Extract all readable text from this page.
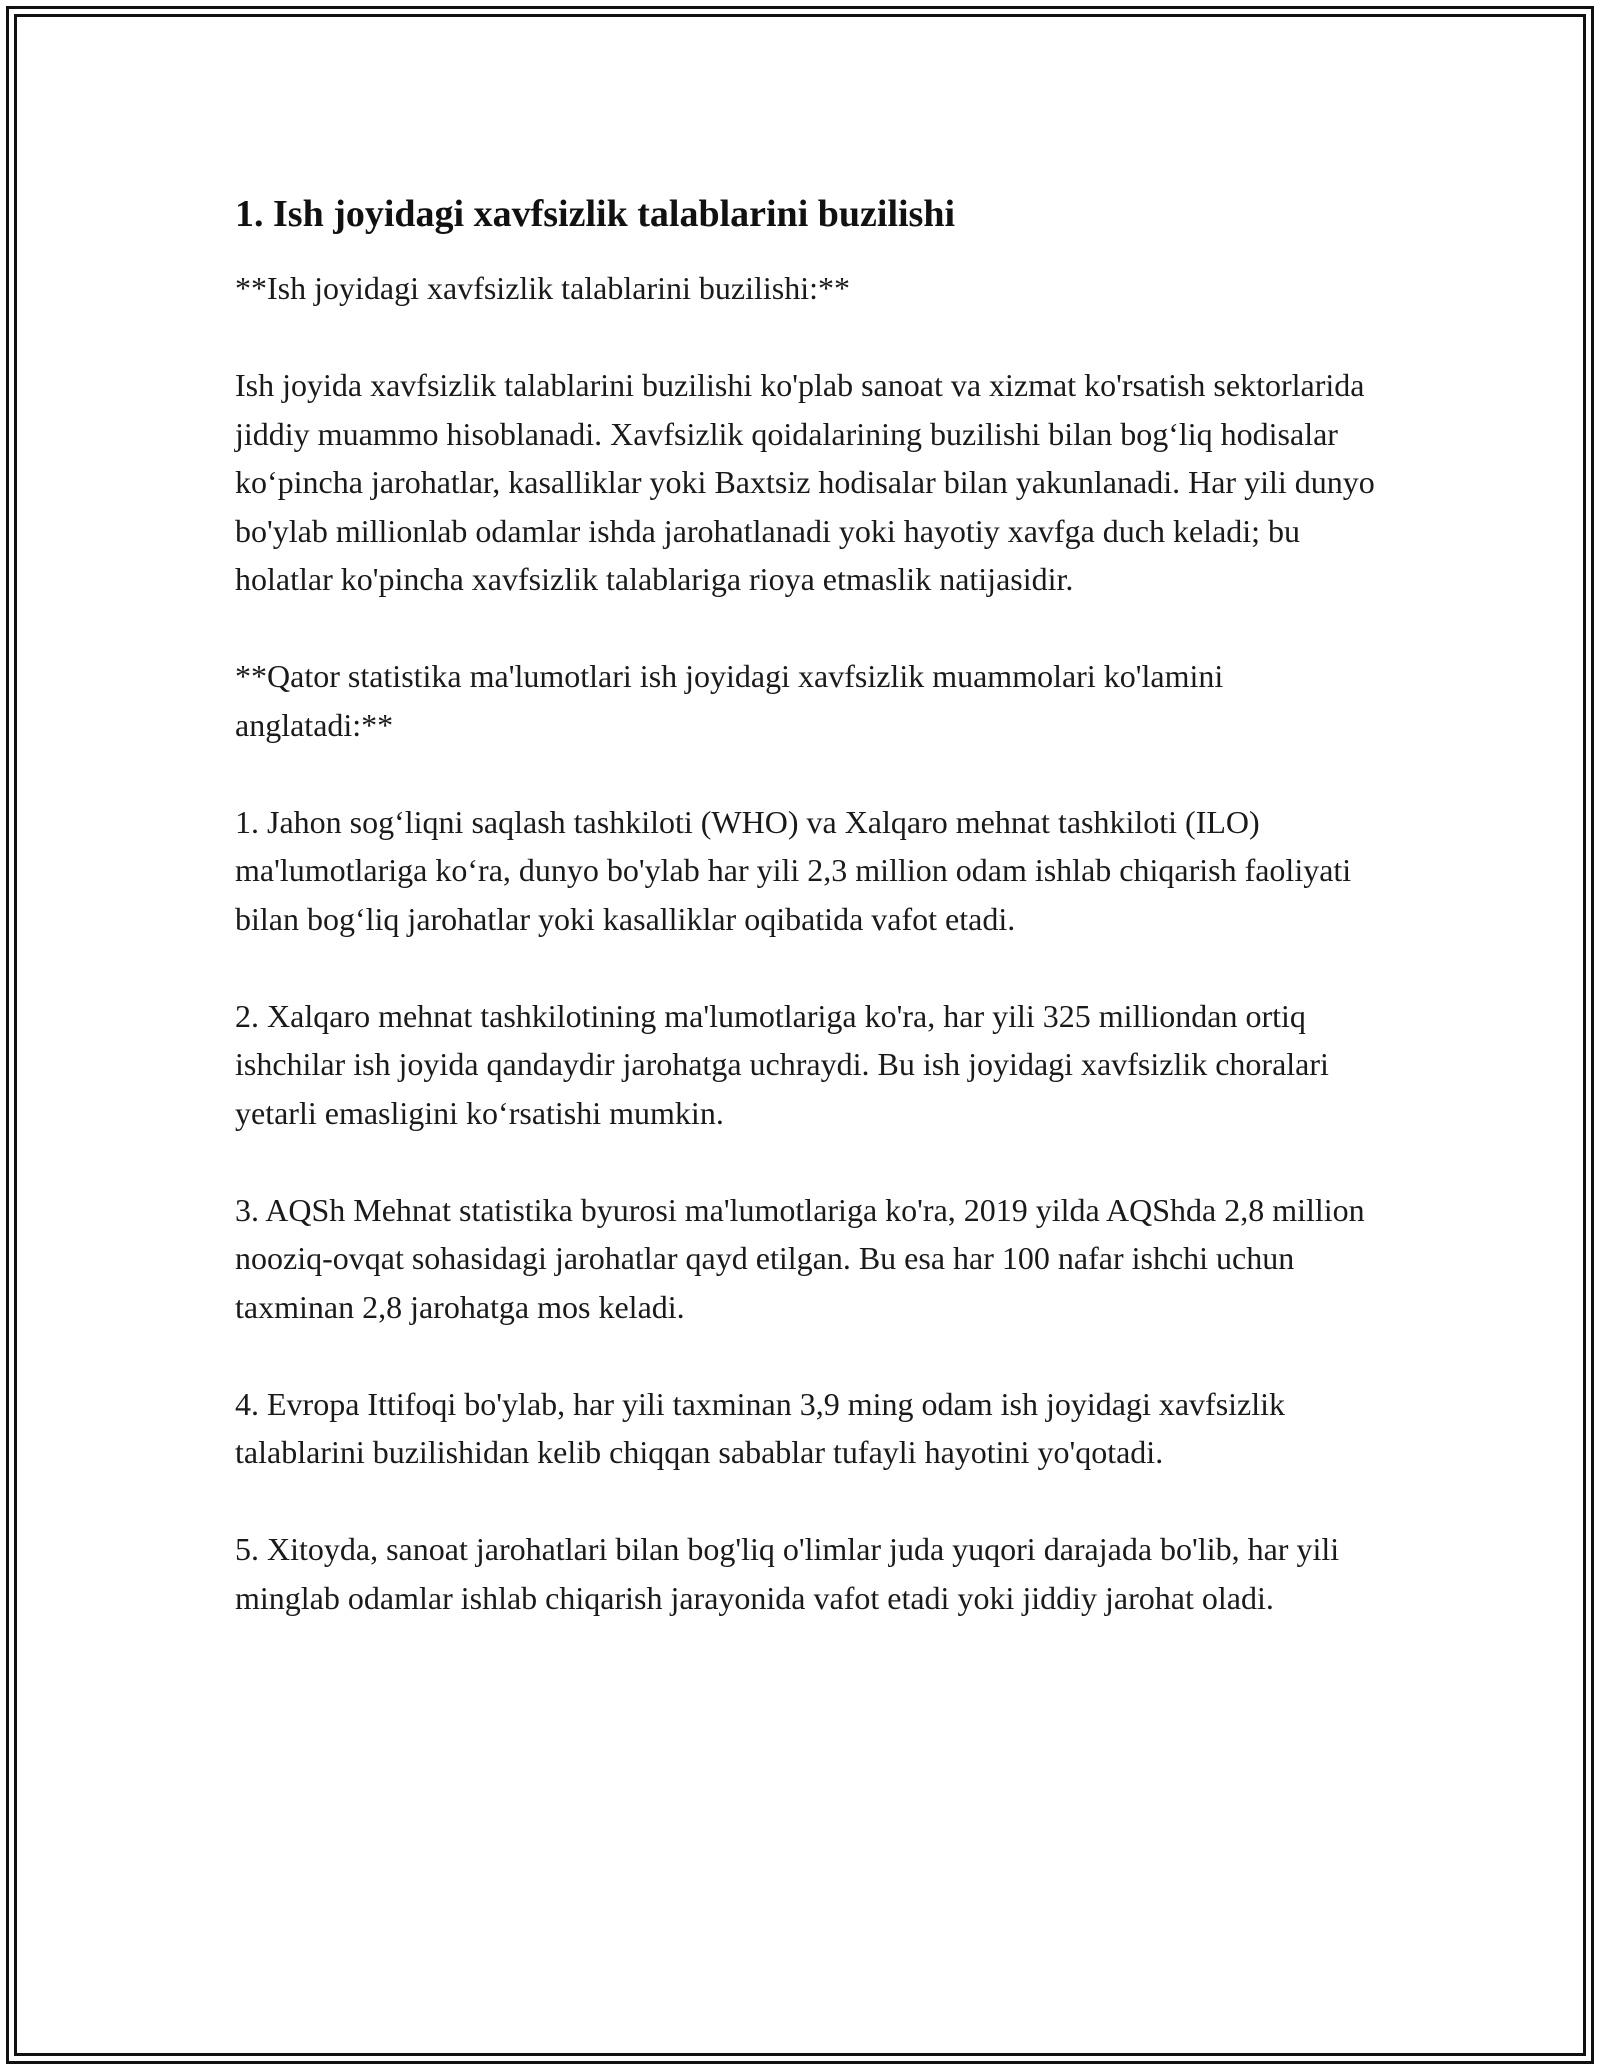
1. Ish joyidagi xavfsizlik talablarini buzilishi

**Ish joyidagi xavfsizlik talablarini buzilishi:**

Ish joyida xavfsizlik talablarini buzilishi ko'plab sanoat va xizmat ko'rsatish sektorlarida jiddiy muammo hisoblanadi. Xavfsizlik qoidalarining buzilishi bilan bog‘liq hodisalar ko‘pincha jarohatlar, kasalliklar yoki Baxtsiz hodisalar bilan yakunlanadi. Har yili dunyo bo'ylab millionlab odamlar ishda jarohatlanadi yoki hayotiy xavfga duch keladi; bu holatlar ko'pincha xavfsizlik talablariga rioya etmaslik natijasidir.

**Qator statistika ma'lumotlari ish joyidagi xavfsizlik muammolari ko'lamini anglatadi:**

1. Jahon sog‘liqni saqlash tashkiloti (WHO) va Xalqaro mehnat tashkiloti (ILO) ma'lumotlariga ko‘ra, dunyo bo'ylab har yili 2,3 million odam ishlab chiqarish faoliyati bilan bog‘liq jarohatlar yoki kasalliklar oqibatida vafot etadi.

2. Xalqaro mehnat tashkilotining ma'lumotlariga ko'ra, har yili 325 milliondan ortiq ishchilar ish joyida qandaydir jarohatga uchraydi. Bu ish joyidagi xavfsizlik choralari yetarli emasligini ko‘rsatishi mumkin.

3. AQSh Mehnat statistika byurosi ma'lumotlariga ko'ra, 2019 yilda AQShda 2,8 million nooziq-ovqat sohasidagi jarohatlar qayd etilgan. Bu esa har 100 nafar ishchi uchun taxminan 2,8 jarohatga mos keladi.

4. Evropa Ittifoqi bo'ylab, har yili taxminan 3,9 ming odam ish joyidagi xavfsizlik talablarini buzilishidan kelib chiqqan sabablar tufayli hayotini yo'qotadi.

5. Xitoyda, sanoat jarohatlari bilan bog'liq o'limlar juda yuqori darajada bo'lib, har yili minglab odamlar ishlab chiqarish jarayonida vafot etadi yoki jiddiy jarohat oladi.
